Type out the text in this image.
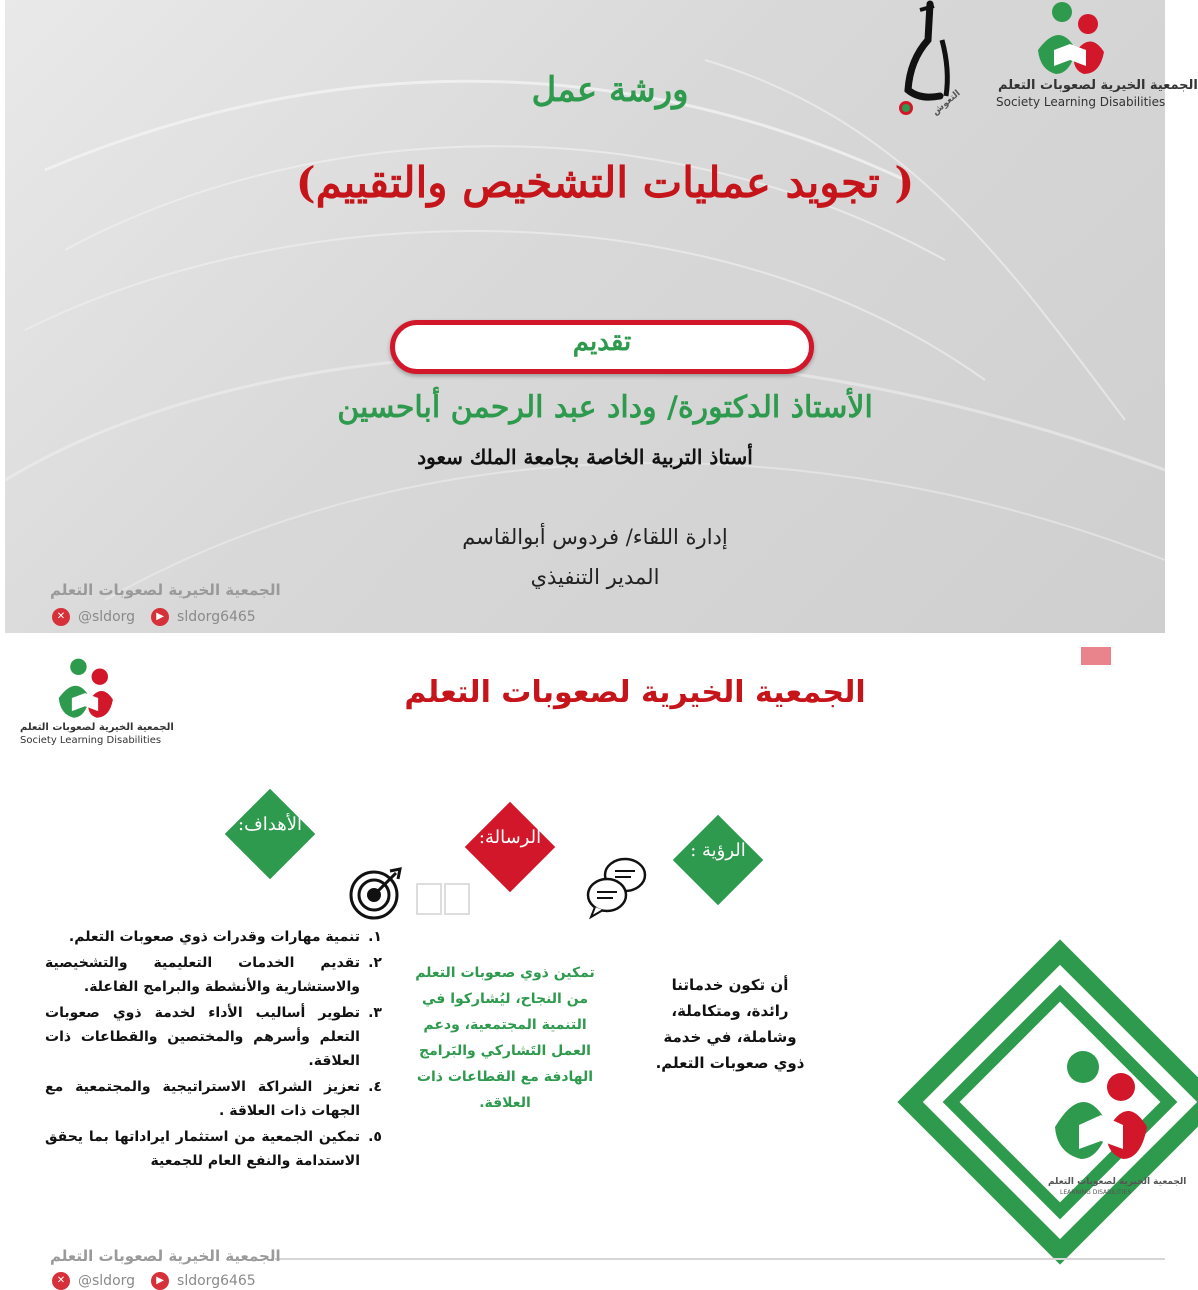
الجمعية الخيرية لصعوبات التعلم
Society Learning Disabilities
التعوش
ورشة عمل
( تجويد عمليات التشخيص والتقييم)
تقديم
الأستاذ الدكتورة/ وداد عبد الرحمن أباحسين
أستاذ التربية الخاصة بجامعة الملك سعود
إدارة اللقاء/ فردوس أبوالقاسم
المدير التنفيذي
الجمعية الخيرية لصعوبات التعلم
✕ @sldorg	▶ sldorg6465
الجمعية الخيرية لصعوبات التعلم
Society Learning Disabilities
الجمعية الخيرية لصعوبات التعلم
الرؤية :
الرسالة:
الأهداف:
أن تكون خدماتنا رائدة، ومتكاملة، وشاملة، في خدمة ذوي صعوبات التعلم.
تمكين ذوي صعوبات التعلم من النجاح، ليُشاركوا في التنمية المجتمعية، ودعم العمل التَشاركي والبَرامج الهادفة مع القطاعات ذات العلاقة.
١.
تنمية مهارات وقدرات ذوي صعوبات التعلم.
٢.
تقديم الخدمات التعليمية والتشخيصية والاستشارية والأنشطة والبرامج الفاعلة.
٣.
تطوير أساليب الأداء لخدمة ذوي صعوبات التعلم وأسرهم والمختصين والقطاعات ذات العلاقة.
٤.
تعزيز الشراكة الاستراتيجية والمجتمعية مع الجهات ذات العلاقة .
٥.
تمكين الجمعية من استثمار ايراداتها بما يحقق الاستدامة والنفع العام للجمعية
الجمعية الخيرية لصعوبات التعلم
LEARNING DISABILITIES
الجمعية الخيرية لصعوبات التعلم
✕ @sldorg	▶ sldorg6465
